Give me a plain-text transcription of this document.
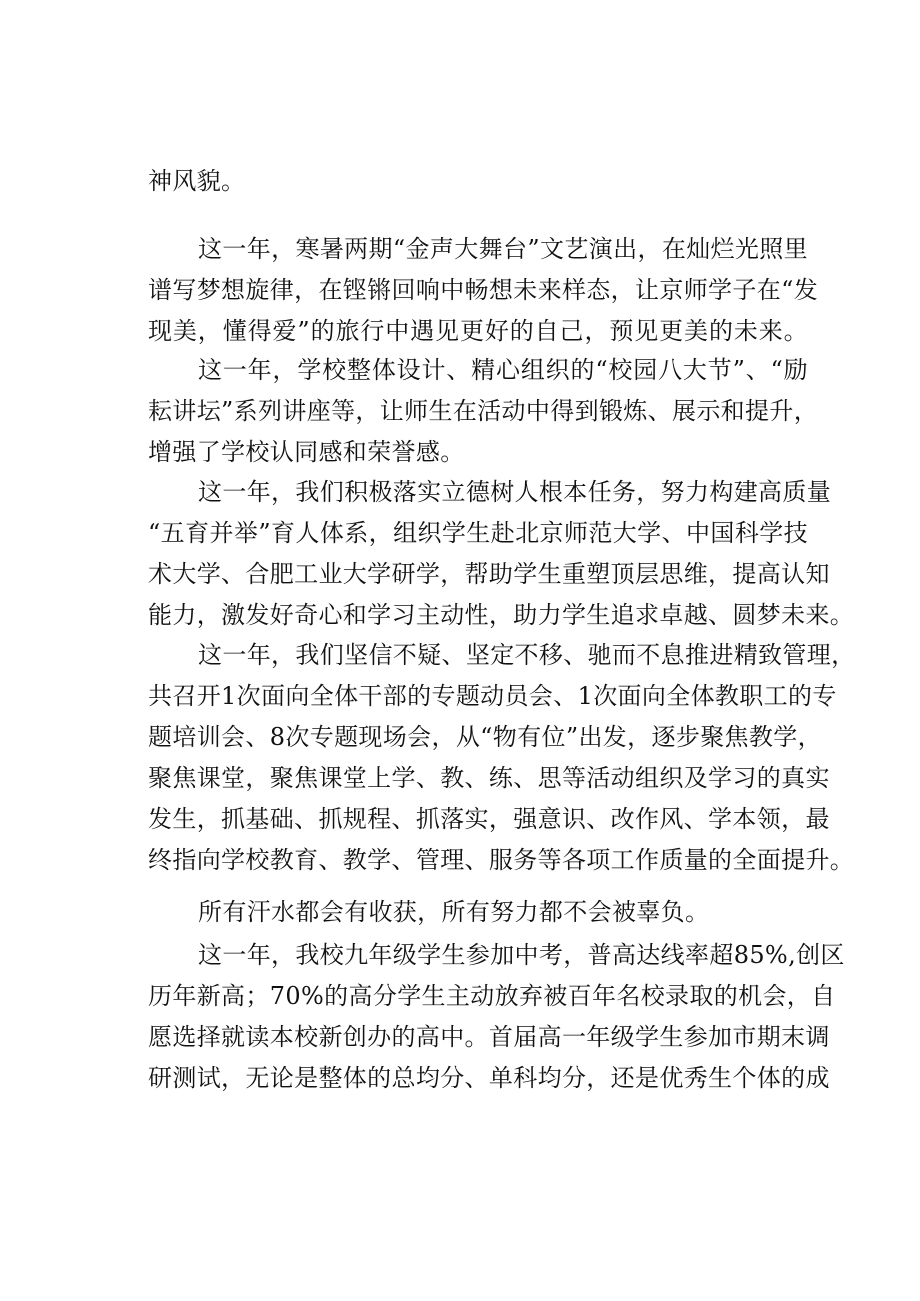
神风貌。
这一年，寒暑两期“金声大舞台”文艺演出，在灿烂光照里
谱写梦想旋律，在铿锵回响中畅想未来样态，让京师学子在“发
现美，懂得爱”的旅行中遇见更好的自己，预见更美的未来。
这一年，学校整体设计、精心组织的“校园八大节”、“励
耘讲坛”系列讲座等，让师生在活动中得到锻炼、展示和提升，
增强了学校认同感和荣誉感。
这一年，我们积极落实立德树人根本任务，努力构建高质量
“五育并举”育人体系，组织学生赴北京师范大学、中国科学技
术大学、合肥工业大学研学，帮助学生重塑顶层思维，提高认知
能力，激发好奇心和学习主动性，助力学生追求卓越、圆梦未来。
这一年，我们坚信不疑、坚定不移、驰而不息推进精致管理，
共召开1次面向全体干部的专题动员会、1次面向全体教职工的专
题培训会、8次专题现场会，从“物有位”出发，逐步聚焦教学，
聚焦课堂，聚焦课堂上学、教、练、思等活动组织及学习的真实
发生，抓基础、抓规程、抓落实，强意识、改作风、学本领，最
终指向学校教育、教学、管理、服务等各项工作质量的全面提升。
所有汗水都会有收获，所有努力都不会被辜负。
这一年，我校九年级学生参加中考，普高达线率超85%,创区
历年新高；70%的高分学生主动放弃被百年名校录取的机会，自
愿选择就读本校新创办的高中。首届高一年级学生参加市期末调
研测试，无论是整体的总均分、单科均分，还是优秀生个体的成
